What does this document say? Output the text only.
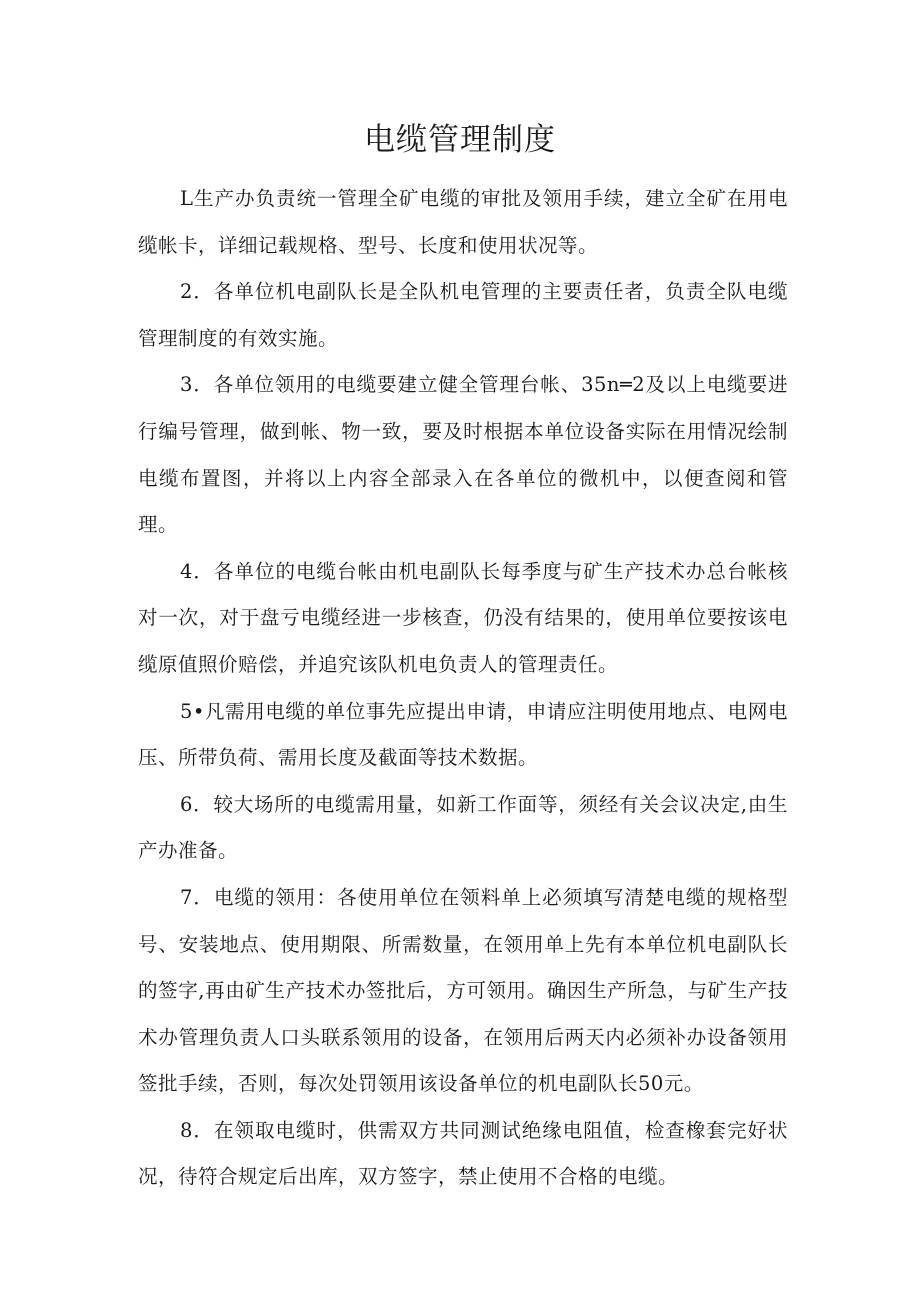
电缆管理制度

L生产办负责统一管理全矿电缆的审批及领用手续，建立全矿在用电缆帐卡，详细记载规格、型号、长度和使用状况等。

2．各单位机电副队长是全队机电管理的主要责任者，负责全队电缆管理制度的有效实施。

3．各单位领用的电缆要建立健全管理台帐、35n═2及以上电缆要进行编号管理，做到帐、物一致，要及时根据本单位设备实际在用情况绘制电缆布置图，并将以上内容全部录入在各单位的微机中，以便查阅和管理。

4．各单位的电缆台帐由机电副队长每季度与矿生产技术办总台帐核对一次，对于盘亏电缆经进一步核查，仍没有结果的，使用单位要按该电缆原值照价赔偿，并追究该队机电负责人的管理责任。

5•凡需用电缆的单位事先应提出申请，申请应注明使用地点、电网电压、所带负荷、需用长度及截面等技术数据。

6．较大场所的电缆需用量，如新工作面等，须经有关会议决定,由生产办准备。

7．电缆的领用：各使用单位在领料单上必须填写清楚电缆的规格型号、安装地点、使用期限、所需数量，在领用单上先有本单位机电副队长的签字,再由矿生产技术办签批后，方可领用。确因生产所急，与矿生产技术办管理负责人口头联系领用的设备，在领用后两天内必须补办设备领用签批手续，否则，每次处罚领用该设备单位的机电副队长50元。

8．在领取电缆时，供需双方共同测试绝缘电阻值，检查橡套完好状况，待符合规定后出库，双方签字，禁止使用不合格的电缆。
